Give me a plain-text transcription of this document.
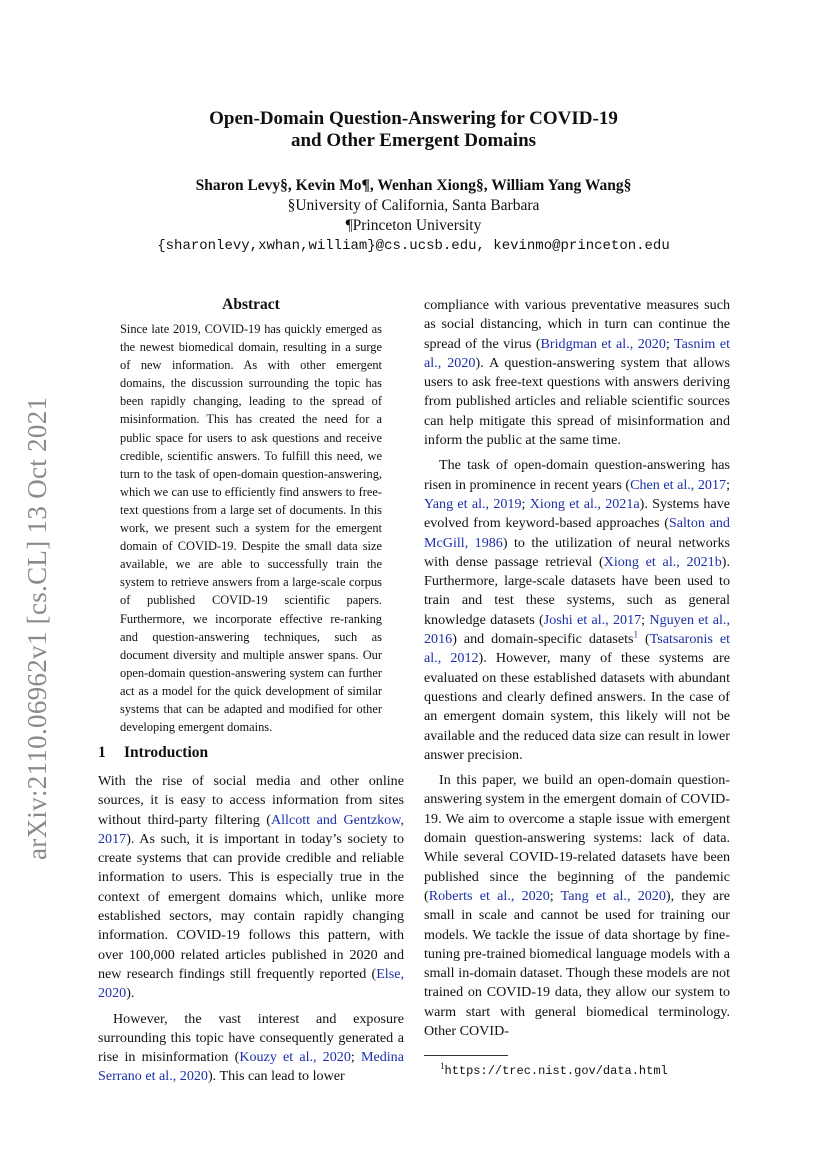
arXiv:2110.06962v1 [cs.CL] 13 Oct 2021
Open-Domain Question-Answering for COVID-19
and Other Emergent Domains
Sharon Levy§, Kevin Mo¶, Wenhan Xiong§, William Yang Wang§
§University of California, Santa Barbara
¶Princeton University
{sharonlevy,xwhan,william}@cs.ucsb.edu, kevinmo@princeton.edu
Abstract

Since late 2019, COVID-19 has quickly emerged as the newest biomedical domain, resulting in a surge of new information. As with other emergent domains, the discussion surrounding the topic has been rapidly changing, leading to the spread of misinformation. This has created the need for a public space for users to ask questions and receive credible, scientific answers. To fulfill this need, we turn to the task of open-domain question-answering, which we can use to efficiently find answers to free-text questions from a large set of documents. In this work, we present such a system for the emergent domain of COVID-19. Despite the small data size available, we are able to successfully train the system to retrieve answers from a large-scale corpus of published COVID-19 scientific papers. Furthermore, we incorporate effective re-ranking and question-answering techniques, such as document diversity and multiple answer spans. Our open-domain question-answering system can further act as a model for the quick development of similar systems that can be adapted and modified for other developing emergent domains.

1 Introduction

With the rise of social media and other online sources, it is easy to access information from sites without third-party filtering (Allcott and Gentzkow, 2017). As such, it is important in today’s society to create systems that can provide credible and reliable information to users. This is especially true in the context of emergent domains which, unlike more established sectors, may contain rapidly changing information. COVID-19 follows this pattern, with over 100,000 related articles published in 2020 and new research findings still frequently reported (Else, 2020).

However, the vast interest and exposure surrounding this topic have consequently generated a rise in misinformation (Kouzy et al., 2020; Medina Serrano et al., 2020). This can lead to lower

compliance with various preventative measures such as social distancing, which in turn can continue the spread of the virus (Bridgman et al., 2020; Tasnim et al., 2020). A question-answering system that allows users to ask free-text questions with answers deriving from published articles and reliable scientific sources can help mitigate this spread of misinformation and inform the public at the same time.

The task of open-domain question-answering has risen in prominence in recent years (Chen et al., 2017; Yang et al., 2019; Xiong et al., 2021a). Systems have evolved from keyword-based approaches (Salton and McGill, 1986) to the utilization of neural networks with dense passage retrieval (Xiong et al., 2021b). Furthermore, large-scale datasets have been used to train and test these systems, such as general knowledge datasets (Joshi et al., 2017; Nguyen et al., 2016) and domain-specific datasets$^1$ (Tsatsaronis et al., 2012). However, many of these systems are evaluated on these established datasets with abundant questions and clearly defined answers. In the case of an emergent domain system, this likely will not be available and the reduced data size can result in lower answer precision.

In this paper, we build an open-domain question-answering system in the emergent domain of COVID-19. We aim to overcome a staple issue with emergent domain question-answering systems: lack of data. While several COVID-19-related datasets have been published since the beginning of the pandemic (Roberts et al., 2020; Tang et al., 2020), they are small in scale and cannot be used for training our models. We tackle the issue of data shortage by fine-tuning pre-trained biomedical language models with a small in-domain dataset. Though these models are not trained on COVID-19 data, they allow our system to warm start with general biomedical terminology. Other COVID-

$^1$https://trec.nist.gov/data.html
